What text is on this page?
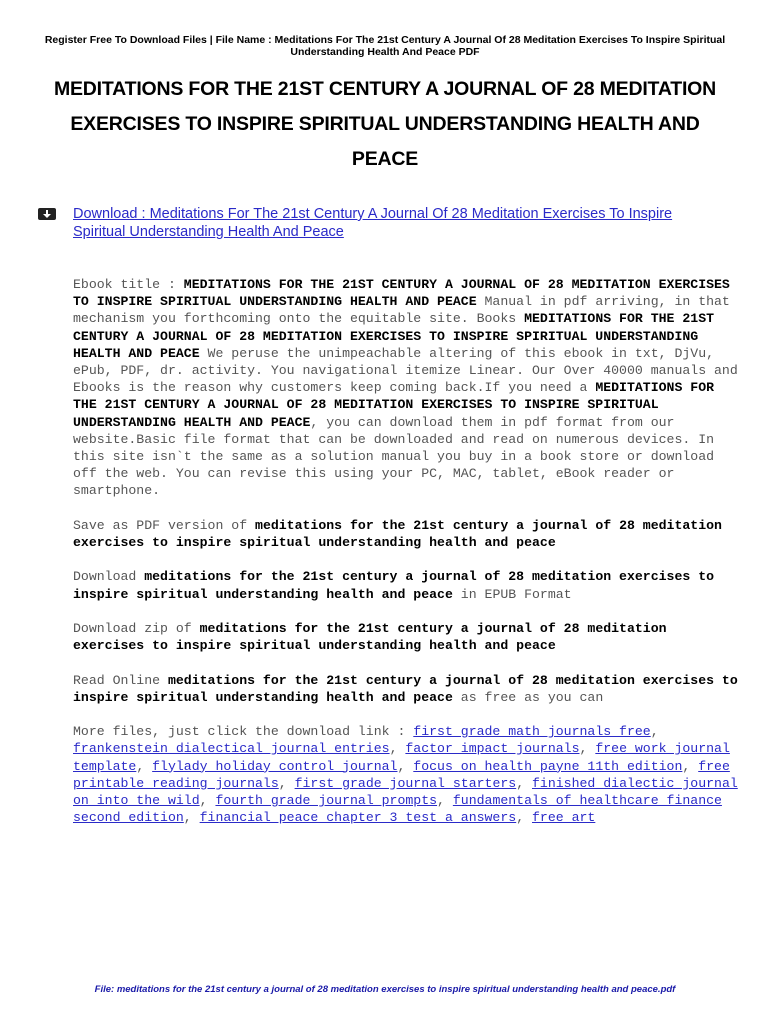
Register Free To Download Files | File Name : Meditations For The 21st Century A Journal Of 28 Meditation Exercises To Inspire Spiritual Understanding Health And Peace PDF
MEDITATIONS FOR THE 21ST CENTURY A JOURNAL OF 28 MEDITATION EXERCISES TO INSPIRE SPIRITUAL UNDERSTANDING HEALTH AND PEACE
Download : Meditations For The 21st Century A Journal Of 28 Meditation Exercises To Inspire Spiritual Understanding Health And Peace

Ebook title : MEDITATIONS FOR THE 21ST CENTURY A JOURNAL OF 28 MEDITATION EXERCISES TO INSPIRE SPIRITUAL UNDERSTANDING HEALTH AND PEACE Manual in pdf arriving, in that mechanism you forthcoming onto the equitable site. Books MEDITATIONS FOR THE 21ST CENTURY A JOURNAL OF 28 MEDITATION EXERCISES TO INSPIRE SPIRITUAL UNDERSTANDING HEALTH AND PEACE We peruse the unimpeachable altering of this ebook in txt, DjVu, ePub, PDF, dr. activity. You navigational itemize Linear. Our Over 40000 manuals and Ebooks is the reason why customers keep coming back.If you need a MEDITATIONS FOR THE 21ST CENTURY A JOURNAL OF 28 MEDITATION EXERCISES TO INSPIRE SPIRITUAL UNDERSTANDING HEALTH AND PEACE, you can download them in pdf format from our website.Basic file format that can be downloaded and read on numerous devices. In this site isn`t the same as a solution manual you buy in a book store or download off the web. You can revise this using your PC, MAC, tablet, eBook reader or smartphone.

Save as PDF version of meditations for the 21st century a journal of 28 meditation exercises to inspire spiritual understanding health and peace

Download meditations for the 21st century a journal of 28 meditation exercises to inspire spiritual understanding health and peace in EPUB Format

Download zip of meditations for the 21st century a journal of 28 meditation exercises to inspire spiritual understanding health and peace

Read Online meditations for the 21st century a journal of 28 meditation exercises to inspire spiritual understanding health and peace as free as you can

More files, just click the download link : first grade math journals free, frankenstein dialectical journal entries, factor impact journals, free work journal template, flylady holiday control journal, focus on health payne 11th edition, free printable reading journals, first grade journal starters, finished dialectic journal on into the wild, fourth grade journal prompts, fundamentals of healthcare finance second edition, financial peace chapter 3 test a answers, free art

File: meditations for the 21st century a journal of 28 meditation exercises to inspire spiritual understanding health and peace.pdf
